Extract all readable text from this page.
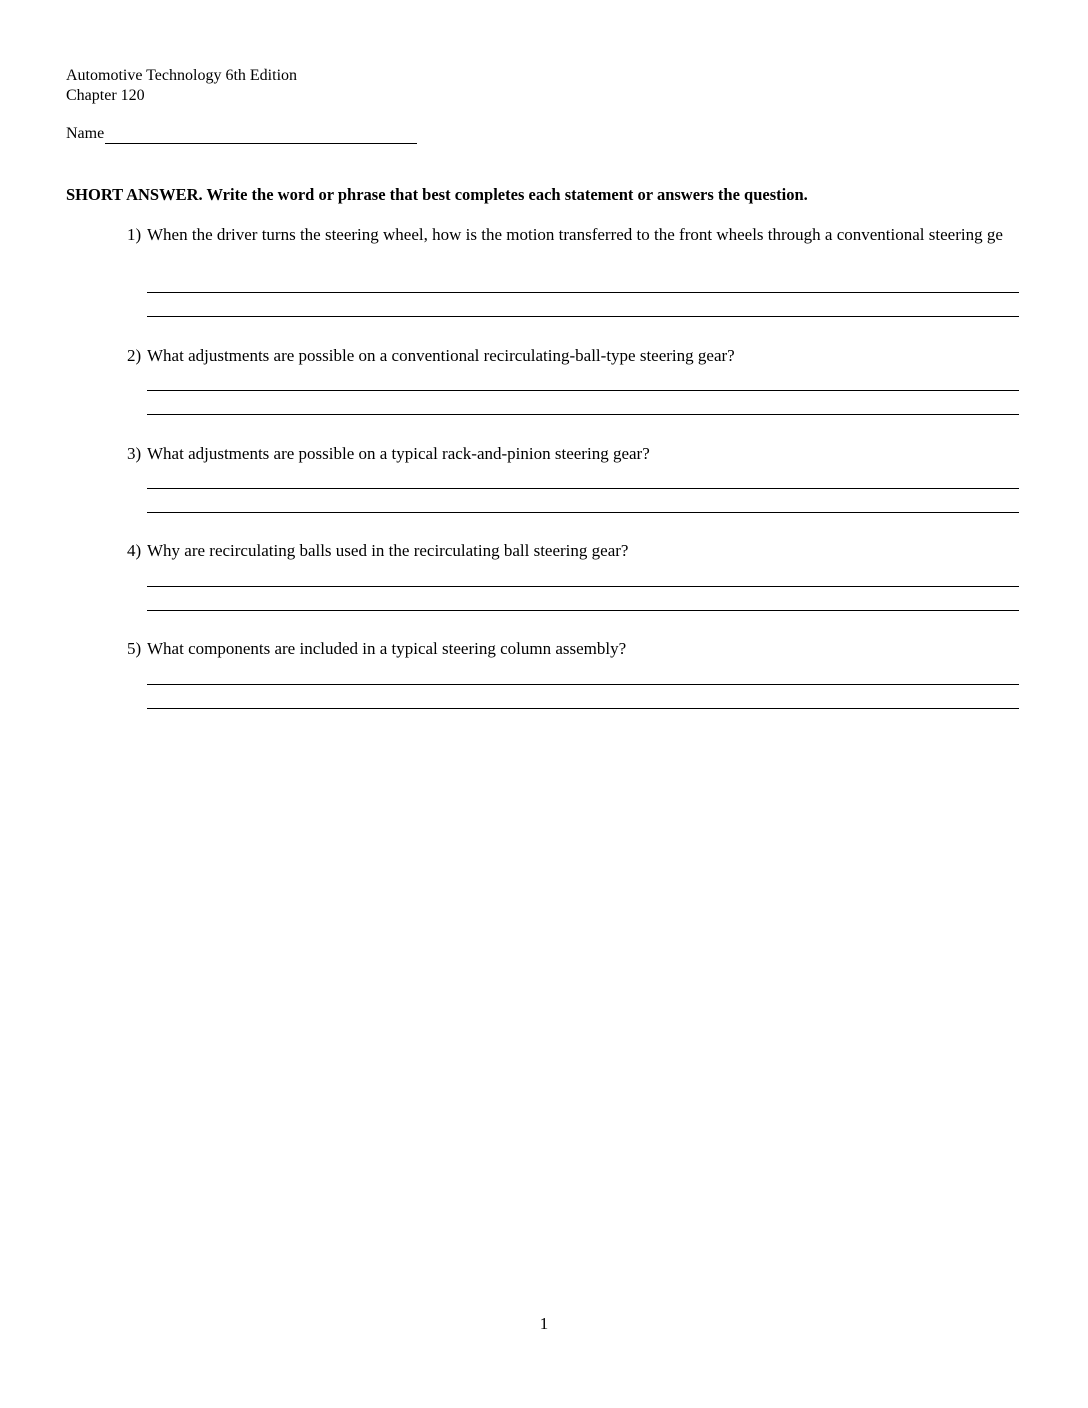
Automotive Technology 6th Edition
Chapter 120
Name
SHORT ANSWER. Write the word or phrase that best completes each statement or answers the question.
1) When the driver turns the steering wheel, how is the motion transferred to the front wheels through a conventional steering ge
2) What adjustments are possible on a conventional recirculating-ball-type steering gear?
3) What adjustments are possible on a typical rack-and-pinion steering gear?
4) Why are recirculating balls used in the recirculating ball steering gear?
5) What components are included in a typical steering column assembly?
1
